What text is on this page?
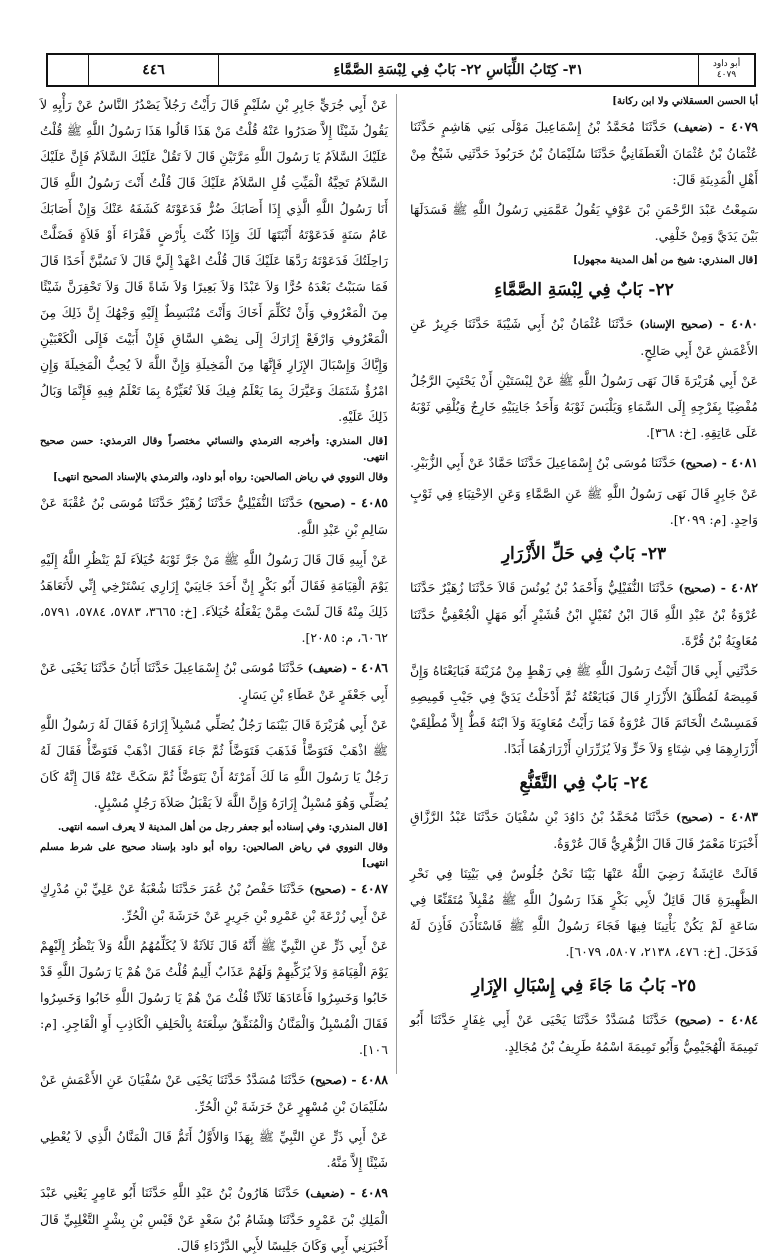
أبو داود
٤٠٧٩
٣١- كِتَابُ اللِّبَاسِ ٢٢- بَابٌ فِي لِبْسَةِ الصَّمَّاءِ
٤٤٦

أبا الحسن العسقلاني ولا ابن ركانة]

٤٠٧٩ - (ضعيف) حَدَّثَنَا مُحَمَّدُ بْنُ إِسْمَاعِيلَ مَوْلَى بَنِي هَاشِمٍ حَدَّثَنَا عُثْمَانُ بْنُ عُثْمَانَ الْغَطَفَانِيُّ حَدَّثَنَا سُلَيْمَانُ بْنُ خَرَبُوذَ حَدَّثَنِي شَيْخٌ مِنْ أَهْلِ الْمَدِينَةِ قَالَ:

سَمِعْتُ عَبْدَ الرَّحْمَنِ بْنَ عَوْفٍ يَقُولُ عَمَّمَنِي رَسُولُ اللَّهِ ﷺ فَسَدَلَهَا بَيْنَ يَدَيَّ وَمِنْ خَلْفِي.

[قال المنذري: شيخ من أهل المدينة مجهول]

٢٢- بَابٌ فِي لِبْسَةِ الصَّمَّاءِ

٤٠٨٠ - (صحيح الإسناد) حَدَّثَنَا عُثْمَانُ بْنُ أَبِي شَيْبَةَ حَدَّثَنَا جَرِيرٌ عَنِ الأَعْمَشِ عَنْ أَبِي صَالِحٍ.

عَنْ أَبِي هُرَيْرَةَ قَالَ نَهَى رَسُولُ اللَّهِ ﷺ عَنْ لِبْسَتَيْنِ أَنْ يَحْتَبِيَ الرَّجُلُ مُفْضِيًا بِفَرْجِهِ إِلَى السَّمَاءِ وَيَلْبَسَ ثَوْبَهُ وَأَحَدُ جَانِبَيْهِ خَارِجٌ وَيُلْقِي ثَوْبَهُ عَلَى عَاتِقِهِ. [خ: ٣٦٨].

٤٠٨١ - (صحيح) حَدَّثَنَا مُوسَى بْنُ إِسْمَاعِيلَ حَدَّثَنَا حَمَّادٌ عَنْ أَبِي الزُّبَيْرِ.

عَنْ جَابِرٍ قَالَ نَهَى رَسُولُ اللَّهِ ﷺ عَنِ الصَّمَّاءِ وَعَنِ الاِحْتِبَاءِ فِي ثَوْبٍ وَاحِدٍ. [م: ٢٠٩٩].

٢٣- بَابٌ فِي حَلِّ الأَزْرَارِ

٤٠٨٢ - (صحيح) حَدَّثَنَا النُّفَيْلِيُّ وَأَحْمَدُ بْنُ يُونُسَ قَالاَ حَدَّثَنَا زُهَيْرٌ حَدَّثَنَا عُرْوَةُ بْنُ عَبْدِ اللَّهِ قَالَ ابْنُ نُفَيْلٍ ابْنُ قُشَيْرٍ أَبُو مَهَلٍ الْجُعْفِيُّ حَدَّثَنَا مُعَاوِيَةُ بْنُ قُرَّةَ.

حَدَّثَنِي أَبِي قَالَ أَتَيْتُ رَسُولَ اللَّهِ ﷺ فِي رَهْطٍ مِنْ مُزَيْنَةَ فَبَايَعْنَاهُ وَإِنَّ قَمِيصَهُ لَمُطْلَقُ الأَزْرَارِ قَالَ فَبَايَعْتُهُ ثُمَّ أَدْخَلْتُ يَدَيَّ فِي جَيْبِ قَمِيصِهِ فَمَسِسْتُ الْخَاتَمَ قَالَ عُرْوَةُ فَمَا رَأَيْتُ مُعَاوِيَةَ وَلاَ ابْنَهُ قَطُّ إِلاَّ مُطْلِقَيْ أَزْرَارِهِمَا فِي شِتَاءٍ وَلاَ حَرٍّ وَلاَ يُزَرِّرَانِ أَزْرَارَهُمَا أَبَدًا.

٢٤- بَابٌ فِي التَّقَنُّعِ

٤٠٨٣ - (صحيح) حَدَّثَنَا مُحَمَّدُ بْنُ دَاوُدَ بْنِ سُفْيَانَ حَدَّثَنَا عَبْدُ الرَّزَّاقِ أَخْبَرَنَا مَعْمَرٌ قَالَ قَالَ الزُّهْرِيُّ قَالَ عُرْوَةُ.

قَالَتْ عَائِشَةُ رَضِيَ اللَّهُ عَنْهَا بَيْنَا نَحْنُ جُلُوسٌ فِي بَيْتِنَا فِي نَحْرِ الظَّهِيرَةِ قَالَ قَائِلٌ لأَبِي بَكْرٍ هَذَا رَسُولُ اللَّهِ ﷺ مُقْبِلاً مُتَقَنِّعًا فِي سَاعَةٍ لَمْ يَكُنْ يَأْتِينَا فِيهَا فَجَاءَ رَسُولُ اللَّهِ ﷺ فَاسْتَأْذَنَ فَأَذِنَ لَهُ فَدَخَلَ. [خ: ٤٧٦، ٢١٣٨، ٥٨٠٧، ٦٠٧٩].

٢٥- بَابُ مَا جَاءَ فِي إِسْبَالِ الإِزَارِ

٤٠٨٤ - (صحيح) حَدَّثَنَا مُسَدَّدٌ حَدَّثَنَا يَحْيَى عَنْ أَبِي غِفَارٍ حَدَّثَنَا أَبُو تَمِيمَةَ الْهُجَيْمِيُّ وَأَبُو تَمِيمَةَ اسْمُهُ طَرِيفُ بْنُ مُجَالِدٍ.

عَنْ أَبِي جُرَيٍّ جَابِرِ بْنِ سُلَيْمٍ قَالَ رَأَيْتُ رَجُلاً يَصْدُرُ النَّاسُ عَنْ رَأْيِهِ لاَ يَقُولُ شَيْئًا إِلاَّ صَدَرُوا عَنْهُ قُلْتُ مَنْ هَذَا قَالُوا هَذَا رَسُولُ اللَّهِ ﷺ قُلْتُ عَلَيْكَ السَّلاَمُ يَا رَسُولَ اللَّهِ مَرَّتَيْنِ قَالَ لاَ تَقُلْ عَلَيْكَ السَّلاَمُ فَإِنَّ عَلَيْكَ السَّلاَمُ تَحِيَّةُ الْمَيِّتِ قُلِ السَّلاَمُ عَلَيْكَ قَالَ قُلْتُ أَنْتَ رَسُولُ اللَّهِ قَالَ أَنَا رَسُولُ اللَّهِ الَّذِي إِذَا أَصَابَكَ ضُرٌّ فَدَعَوْتَهُ كَشَفَهُ عَنْكَ وَإِنْ أَصَابَكَ عَامُ سَنَةٍ فَدَعَوْتَهُ أَنْبَتَهَا لَكَ وَإِذَا كُنْتَ بِأَرْضٍ قَفْرَاءَ أَوْ فَلاَةٍ فَضَلَّتْ رَاحِلَتُكَ فَدَعَوْتَهُ رَدَّهَا عَلَيْكَ قَالَ قُلْتُ اعْهَدْ إِلَيَّ قَالَ لاَ تَسُبَّنَّ أَحَدًا قَالَ فَمَا سَبَبْتُ بَعْدَهُ حُرًّا وَلاَ عَبْدًا وَلاَ بَعِيرًا وَلاَ شَاةً قَالَ وَلاَ تَحْقِرَنَّ شَيْئًا مِنَ الْمَعْرُوفِ وَأَنْ تُكَلِّمَ أَخَاكَ وَأَنْتَ مُنْبَسِطٌ إِلَيْهِ وَجْهُكَ إِنَّ ذَلِكَ مِنَ الْمَعْرُوفِ وَارْفَعْ إِزَارَكَ إِلَى نِصْفِ السَّاقِ فَإِنْ أَبَيْتَ فَإِلَى الْكَعْبَيْنِ وَإِيَّاكَ وَإِسْبَالَ الإِزَارِ فَإِنَّهَا مِنَ الْمَخِيلَةِ وَإِنَّ اللَّهَ لاَ يُحِبُّ الْمَخِيلَةَ وَإِنِ امْرُؤٌ شَتَمَكَ وَعَيَّرَكَ بِمَا يَعْلَمُ فِيكَ فَلاَ تُعَيِّرْهُ بِمَا تَعْلَمُ فِيهِ فَإِنَّمَا وَبَالُ ذَلِكَ عَلَيْهِ.

[قال المنذري: وأخرجه الترمذي والنسائي مختصراً وقال الترمذي: حسن صحيح انتهى.

وقال النووي في رياض الصالحين: رواه أبو داود، والترمذي بالإسناد الصحيح انتهى]

٤٠٨٥ - (صحيح) حَدَّثَنَا النُّفَيْلِيُّ حَدَّثَنَا زُهَيْرٌ حَدَّثَنَا مُوسَى بْنُ عُقْبَةَ عَنْ سَالِمِ بْنِ عَبْدِ اللَّهِ.

عَنْ أَبِيهِ قَالَ قَالَ رَسُولُ اللَّهِ ﷺ مَنْ جَرَّ ثَوْبَهُ خُيَلاَءَ لَمْ يَنْظُرِ اللَّهُ إِلَيْهِ يَوْمَ الْقِيَامَةِ فَقَالَ أَبُو بَكْرٍ إِنَّ أَحَدَ جَانِبَيْ إِزَارِي يَسْتَرْخِي إِنِّي لأَتَعَاهَدُ ذَلِكَ مِنْهُ قَالَ لَسْتَ مِمَّنْ يَفْعَلُهُ خُيَلاَءَ. [خ: ٣٦٦٥، ٥٧٨٣، ٥٧٨٤، ٥٧٩١، ٦٠٦٢، م: ٢٠٨٥].

٤٠٨٦ - (ضعيف) حَدَّثَنَا مُوسَى بْنُ إِسْمَاعِيلَ حَدَّثَنَا أَبَانُ حَدَّثَنَا يَحْيَى عَنْ أَبِي جَعْفَرٍ عَنْ عَطَاءِ بْنِ يَسَارٍ.

عَنْ أَبِي هُرَيْرَةَ قَالَ بَيْنَمَا رَجُلٌ يُصَلِّي مُسْبِلاً إِزَارَهُ فَقَالَ لَهُ رَسُولُ اللَّهِ ﷺ اذْهَبْ فَتَوَضَّأْ فَذَهَبَ فَتَوَضَّأَ ثُمَّ جَاءَ فَقَالَ اذْهَبْ فَتَوَضَّأْ فَقَالَ لَهُ رَجُلٌ يَا رَسُولَ اللَّهِ مَا لَكَ أَمَرْتَهُ أَنْ يَتَوَضَّأَ ثُمَّ سَكَتَّ عَنْهُ قَالَ إِنَّهُ كَانَ يُصَلِّي وَهُوَ مُسْبِلٌ إِزَارَهُ وَإِنَّ اللَّهَ لاَ يَقْبَلُ صَلاَةَ رَجُلٍ مُسْبِلٍ.

[قال المنذري: وفي إسناده أبو جعفر رجل من أهل المدينة لا يعرف اسمه انتهى.

وقال النووي في رياض الصالحين: رواه أبو داود بإسناد صحيح على شرط مسلم انتهى]

٤٠٨٧ - (صحيح) حَدَّثَنَا حَفْصُ بْنُ عُمَرَ حَدَّثَنَا شُعْبَةُ عَنْ عَلِيِّ بْنِ مُدْرِكٍ عَنْ أَبِي زُرْعَةَ بْنِ عَمْرِو بْنِ جَرِيرٍ عَنْ خَرَشَةَ بْنِ الْحُرِّ.

عَنْ أَبِي ذَرٍّ عَنِ النَّبِيِّ ﷺ أَنَّهُ قَالَ ثَلاَثَةٌ لاَ يُكَلِّمُهُمُ اللَّهُ وَلاَ يَنْظُرُ إِلَيْهِمْ يَوْمَ الْقِيَامَةِ وَلاَ يُزَكِّيهِمْ وَلَهُمْ عَذَابٌ أَلِيمٌ قُلْتُ مَنْ هُمْ يَا رَسُولَ اللَّهِ قَدْ خَابُوا وَخَسِرُوا فَأَعَادَهَا ثَلاَثًا قُلْتُ مَنْ هُمْ يَا رَسُولَ اللَّهِ خَابُوا وَخَسِرُوا فَقَالَ الْمُسْبِلُ وَالْمَنَّانُ وَالْمُنَفِّقُ سِلْعَتَهُ بِالْحَلِفِ الْكَاذِبِ أَوِ الْفَاجِرِ. [م: ١٠٦].

٤٠٨٨ - (صحيح) حَدَّثَنَا مُسَدَّدٌ حَدَّثَنَا يَحْيَى عَنْ سُفْيَانَ عَنِ الأَعْمَشِ عَنْ سُلَيْمَانَ بْنِ مُسْهِرٍ عَنْ خَرَشَةَ بْنِ الْحُرِّ.

عَنْ أَبِي ذَرٍّ عَنِ النَّبِيِّ ﷺ بِهَذَا وَالأَوَّلُ أَتَمُّ قَالَ الْمَنَّانُ الَّذِي لاَ يُعْطِي شَيْئًا إِلاَّ مَنَّهُ.

٤٠٨٩ - (ضعيف) حَدَّثَنَا هَارُونُ بْنُ عَبْدِ اللَّهِ حَدَّثَنَا أَبُو عَامِرٍ يَعْنِي عَبْدَ الْمَلِكِ بْنَ عَمْرٍو حَدَّثَنَا هِشَامُ بْنُ سَعْدٍ عَنْ قَيْسِ بْنِ بِشْرٍ التَّغْلِبِيِّ قَالَ أَخْبَرَنِي أَبِي وَكَانَ جَلِيسًا لأَبِي الدَّرْدَاءِ قَالَ.
